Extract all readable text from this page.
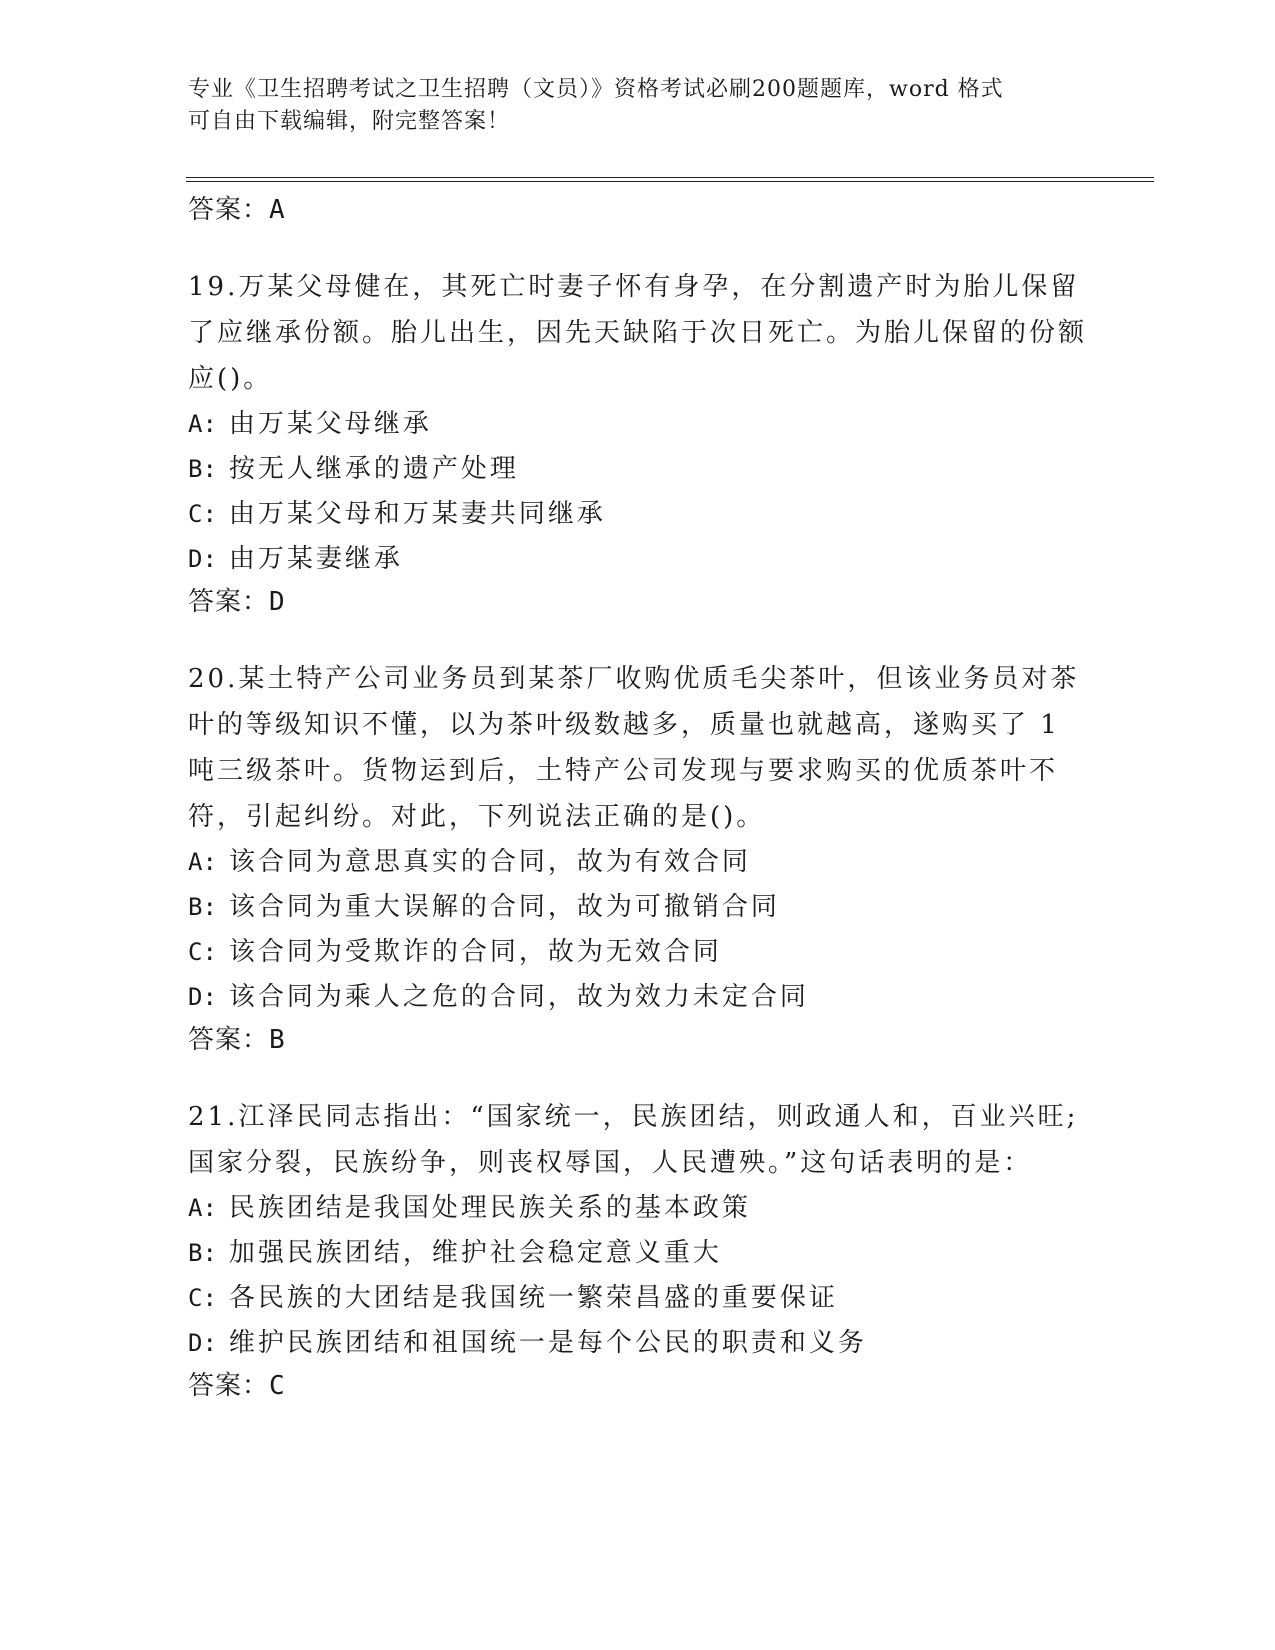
专业《卫生招聘考试之卫生招聘（文员）》资格考试必刷200题题库，word 格式
可自由下载编辑，附完整答案！

答案：A

19.万某父母健在，其死亡时妻子怀有身孕，在分割遗产时为胎儿保留了应继承份额。胎儿出生，因先天缺陷于次日死亡。为胎儿保留的份额应()。

A: 由万某父母继承

B: 按无人继承的遗产处理

C: 由万某父母和万某妻共同继承

D: 由万某妻继承

答案：D

20.某土特产公司业务员到某茶厂收购优质毛尖茶叶，但该业务员对茶叶的等级知识不懂，以为茶叶级数越多，质量也就越高，遂购买了 1 吨三级茶叶。货物运到后，土特产公司发现与要求购买的优质茶叶不符，引起纠纷。对此，下列说法正确的是()。

A: 该合同为意思真实的合同，故为有效合同

B: 该合同为重大误解的合同，故为可撤销合同

C: 该合同为受欺诈的合同，故为无效合同

D: 该合同为乘人之危的合同，故为效力未定合同

答案：B

21.江泽民同志指出：“国家统一，民族团结，则政通人和，百业兴旺;国家分裂，民族纷争，则丧权辱国，人民遭殃。”这句话表明的是：

A: 民族团结是我国处理民族关系的基本政策

B: 加强民族团结，维护社会稳定意义重大

C: 各民族的大团结是我国统一繁荣昌盛的重要保证

D: 维护民族团结和祖国统一是每个公民的职责和义务

答案：C
